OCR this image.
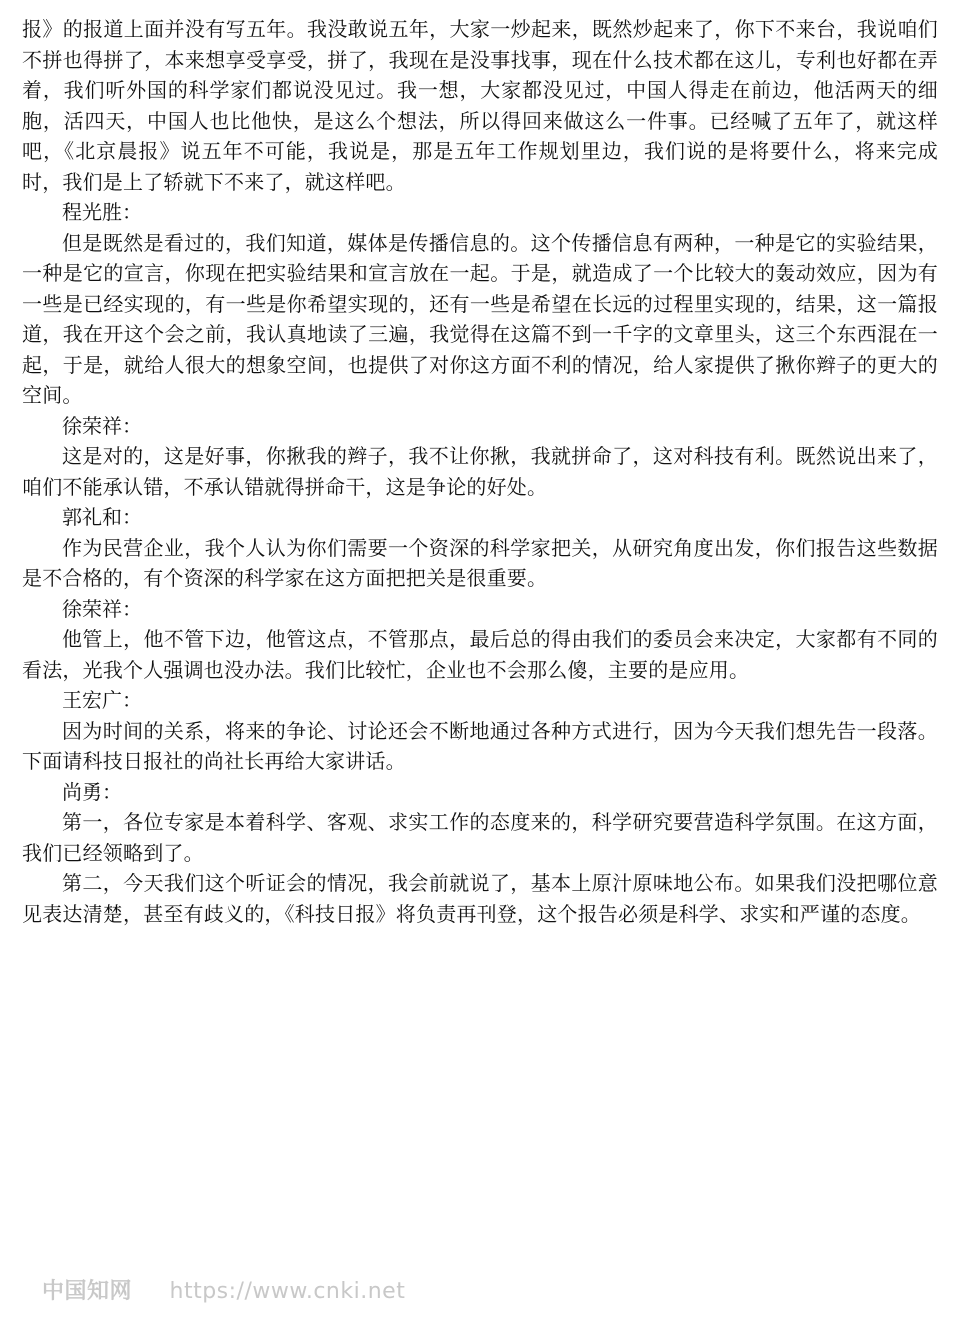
报》的报道上面并没有写五年。我没敢说五年，大家一炒起来，既然炒起来了，你下不来台，我说咱们不拼也得拼了，本来想享受享受，拼了，我现在是没事找事，现在什么技术都在这儿，专利也好都在弄着，我们听外国的科学家们都说没见过。我一想，大家都没见过，中国人得走在前边，他活两天的细胞，活四天，中国人也比他快，是这么个想法，所以得回来做这么一件事。已经喊了五年了，就这样吧，《北京晨报》说五年不可能，我说是，那是五年工作规划里边，我们说的是将要什么，将来完成时，我们是上了轿就下不来了，就这样吧。

程光胜：

但是既然是看过的，我们知道，媒体是传播信息的。这个传播信息有两种，一种是它的实验结果，一种是它的宣言，你现在把实验结果和宣言放在一起。于是，就造成了一个比较大的轰动效应，因为有一些是已经实现的，有一些是你希望实现的，还有一些是希望在长远的过程里实现的，结果，这一篇报道，我在开这个会之前，我认真地读了三遍，我觉得在这篇不到一千字的文章里头，这三个东西混在一起，于是，就给人很大的想象空间，也提供了对你这方面不利的情况，给人家提供了揪你辫子的更大的空间。

徐荣祥：

这是对的，这是好事，你揪我的辫子，我不让你揪，我就拼命了，这对科技有利。既然说出来了，咱们不能承认错，不承认错就得拼命干，这是争论的好处。

郭礼和：

作为民营企业，我个人认为你们需要一个资深的科学家把关，从研究角度出发，你们报告这些数据是不合格的，有个资深的科学家在这方面把把关是很重要。

徐荣祥：

他管上，他不管下边，他管这点，不管那点，最后总的得由我们的委员会来决定，大家都有不同的看法，光我个人强调也没办法。我们比较忙，企业也不会那么傻，主要的是应用。

王宏广：

因为时间的关系，将来的争论、讨论还会不断地通过各种方式进行，因为今天我们想先告一段落。下面请科技日报社的尚社长再给大家讲话。

尚勇：

第一，各位专家是本着科学、客观、求实工作的态度来的，科学研究要营造科学氛围。在这方面，我们已经领略到了。

第二，今天我们这个听证会的情况，我会前就说了，基本上原汁原味地公布。如果我们没把哪位意见表达清楚，甚至有歧义的，《科技日报》将负责再刊登，这个报告必须是科学、求实和严谨的态度。

中国知网 https://www.cnki.net
